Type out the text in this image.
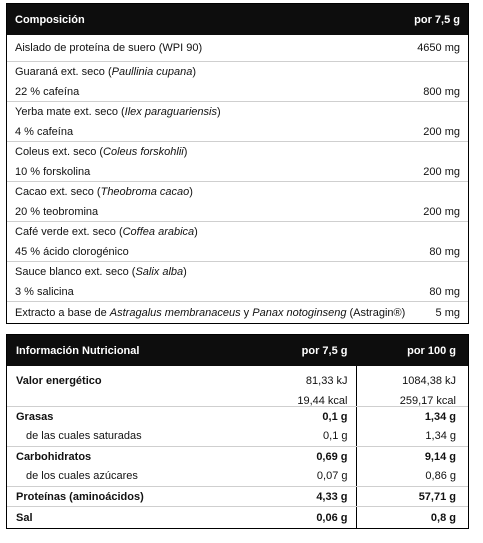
Composición	por 7,5 g
Aislado de proteína de suero (WPI 90)	4650 mg
Guaraná ext. seco (Paullinia cupana)
22 % cafeína	800 mg
Yerba mate ext. seco (Ilex paraguariensis)
4 % cafeína	200 mg
Coleus ext. seco (Coleus forskohlii)
10 % forskolina	200 mg
Cacao ext. seco (Theobroma cacao)
20 % teobromina	200 mg
Café verde ext. seco (Coffea arabica)
45 % ácido clorogénico	80 mg
Sauce blanco ext. seco (Salix alba)
3 % salicina	80 mg
Extracto a base de Astragalus membranaceus y Panax notoginseng (Astragin®)	5 mg
Información Nutricional	por 7,5 g	por 100 g
Valor energético	81,33 kJ	1084,38 kJ
19,44 kcal	259,17 kcal
Grasas	0,1 g	1,34 g
de las cuales saturadas	0,1 g	1,34 g
Carbohidratos	0,69 g	9,14 g
de los cuales azúcares	0,07 g	0,86 g
Proteínas (aminoácidos)	4,33 g	57,71 g
Sal	0,06 g	0,8 g
